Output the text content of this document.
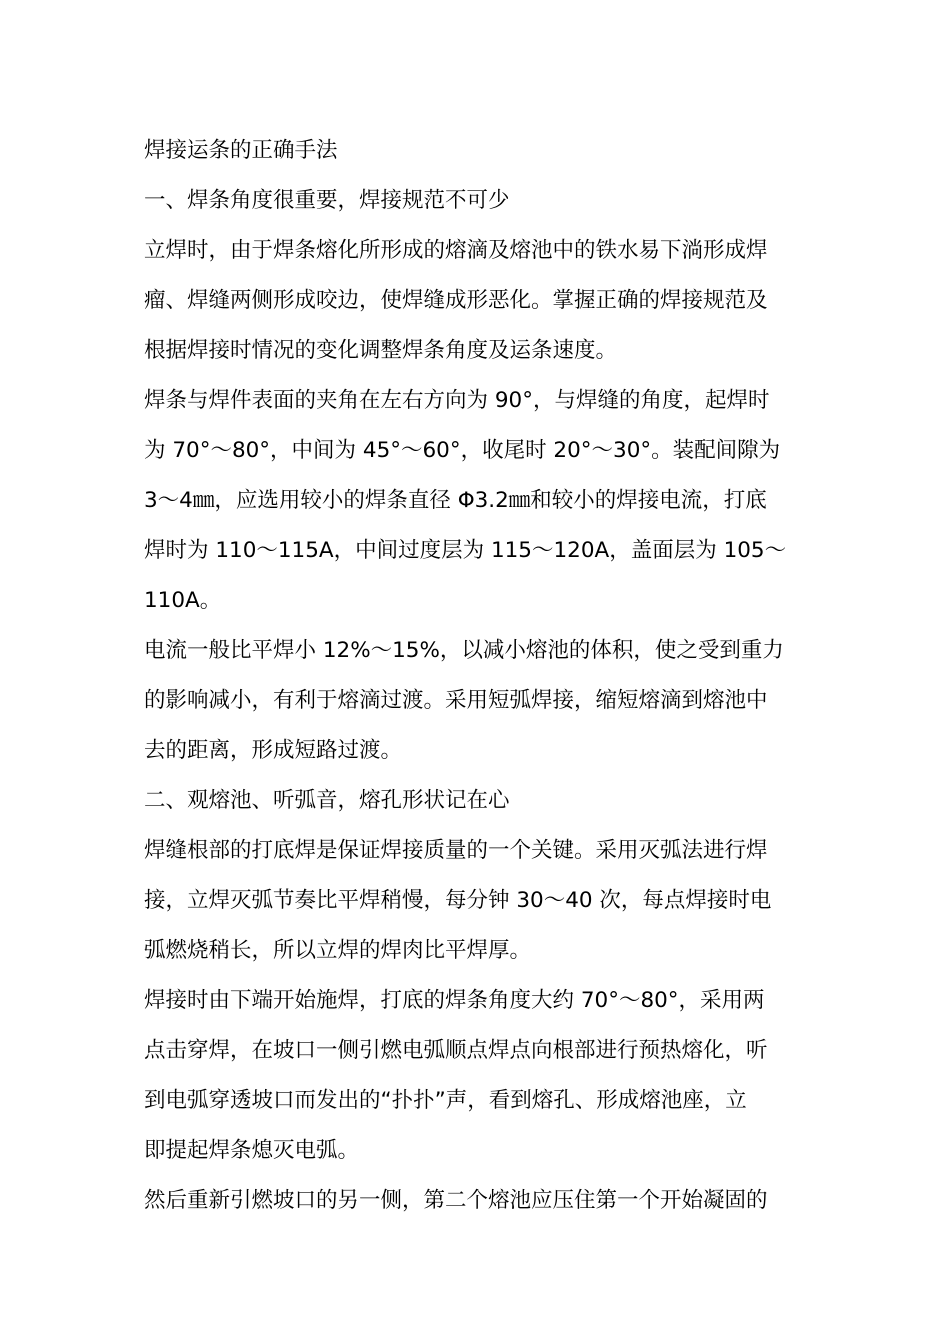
焊接运条的正确手法
一、焊条角度很重要，焊接规范不可少
立焊时，由于焊条熔化所形成的熔滴及熔池中的铁水易下淌形成焊
瘤、焊缝两侧形成咬边，使焊缝成形恶化。掌握正确的焊接规范及
根据焊接时情况的变化调整焊条角度及运条速度。
焊条与焊件表面的夹角在左右方向为 90°，与焊缝的角度，起焊时
为 70°～80°，中间为 45°～60°，收尾时 20°～30°。装配间隙为
3～4㎜，应选用较小的焊条直径 Φ3.2㎜和较小的焊接电流，打底
焊时为 110～115A，中间过度层为 115～120A，盖面层为 105～
110A。
电流一般比平焊小 12%～15%，以减小熔池的体积，使之受到重力
的影响减小，有利于熔滴过渡。采用短弧焊接，缩短熔滴到熔池中
去的距离，形成短路过渡。
二、观熔池、听弧音，熔孔形状记在心
焊缝根部的打底焊是保证焊接质量的一个关键。采用灭弧法进行焊
接，立焊灭弧节奏比平焊稍慢，每分钟 30～40 次，每点焊接时电
弧燃烧稍长，所以立焊的焊肉比平焊厚。
焊接时由下端开始施焊，打底的焊条角度大约 70°～80°，采用两
点击穿焊，在坡口一侧引燃电弧顺点焊点向根部进行预热熔化，听
到电弧穿透坡口而发出的“扑扑”声，看到熔孔、形成熔池座，立
即提起焊条熄灭电弧。
然后重新引燃坡口的另一侧，第二个熔池应压住第一个开始凝固的
